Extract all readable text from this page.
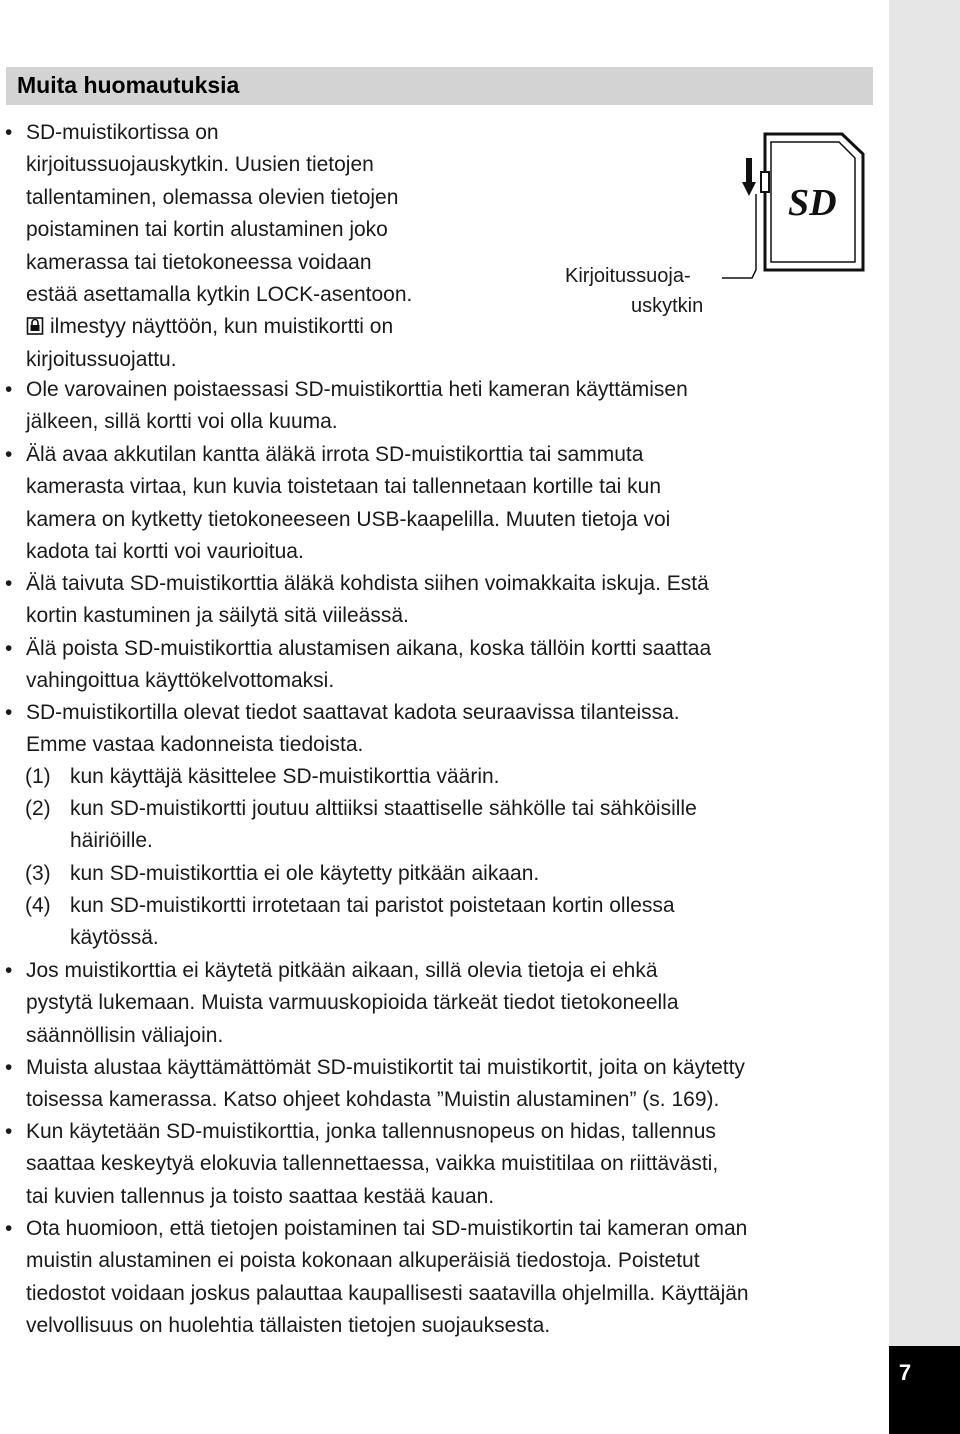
7
Muita huomautuksia
SD
Kirjoitussuoja-
uskytkin
• SD-muistikortissa on
kirjoitussuojauskytkin. Uusien tietojen
tallentaminen, olemassa olevien tietojen
poistaminen tai kortin alustaminen joko
kamerassa tai tietokoneessa voidaan
estää asettamalla kytkin LOCK-asentoon.
ilmestyy näyttöön, kun muistikortti on
kirjoitussuojattu.
• Ole varovainen poistaessasi SD-muistikorttia heti kameran käyttämisen
jälkeen, sillä kortti voi olla kuuma.
• Älä avaa akkutilan kantta äläkä irrota SD-muistikorttia tai sammuta
kamerasta virtaa, kun kuvia toistetaan tai tallennetaan kortille tai kun
kamera on kytketty tietokoneeseen USB-kaapelilla. Muuten tietoja voi
kadota tai kortti voi vaurioitua.
• Älä taivuta SD-muistikorttia äläkä kohdista siihen voimakkaita iskuja. Estä
kortin kastuminen ja säilytä sitä viileässä.
• Älä poista SD-muistikorttia alustamisen aikana, koska tällöin kortti saattaa
vahingoittua käyttökelvottomaksi.
• SD-muistikortilla olevat tiedot saattavat kadota seuraavissa tilanteissa.
Emme vastaa kadonneista tiedoista.
(1) kun käyttäjä käsittelee SD-muistikorttia väärin.
(2) kun SD-muistikortti joutuu alttiiksi staattiselle sähkölle tai sähköisille
häiriöille.
(3) kun SD-muistikorttia ei ole käytetty pitkään aikaan.
(4) kun SD-muistikortti irrotetaan tai paristot poistetaan kortin ollessa
käytössä.
• Jos muistikorttia ei käytetä pitkään aikaan, sillä olevia tietoja ei ehkä
pystytä lukemaan. Muista varmuuskopioida tärkeät tiedot tietokoneella
säännöllisin väliajoin.
• Muista alustaa käyttämättömät SD-muistikortit tai muistikortit, joita on käytetty
toisessa kamerassa. Katso ohjeet kohdasta ”Muistin alustaminen” (s. 169).
• Kun käytetään SD-muistikorttia, jonka tallennusnopeus on hidas, tallennus
saattaa keskeytyä elokuvia tallennettaessa, vaikka muistitilaa on riittävästi,
tai kuvien tallennus ja toisto saattaa kestää kauan.
• Ota huomioon, että tietojen poistaminen tai SD-muistikortin tai kameran oman
muistin alustaminen ei poista kokonaan alkuperäisiä tiedostoja. Poistetut
tiedostot voidaan joskus palauttaa kaupallisesti saatavilla ohjelmilla. Käyttäjän
velvollisuus on huolehtia tällaisten tietojen suojauksesta.
